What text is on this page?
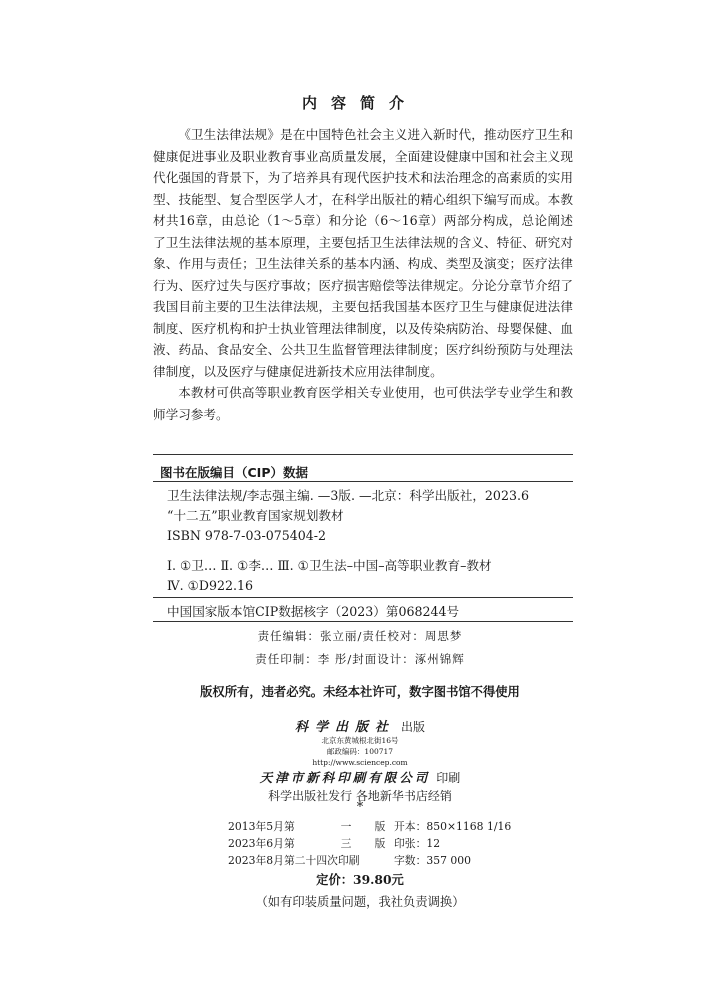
内容简介

《卫生法律法规》是在中国特色社会主义进入新时代，推动医疗卫生和健康促进事业及职业教育事业高质量发展，全面建设健康中国和社会主义现代化强国的背景下，为了培养具有现代医护技术和法治理念的高素质的实用型、技能型、复合型医学人才，在科学出版社的精心组织下编写而成。本教材共16章，由总论（1～5章）和分论（6～16章）两部分构成，总论阐述了卫生法律法规的基本原理，主要包括卫生法律法规的含义、特征、研究对象、作用与责任；卫生法律关系的基本内涵、构成、类型及演变；医疗法律行为、医疗过失与医疗事故；医疗损害赔偿等法律规定。分论分章节介绍了我国目前主要的卫生法律法规，主要包括我国基本医疗卫生与健康促进法律制度、医疗机构和护士执业管理法律制度，以及传染病防治、母婴保健、血液、药品、食品安全、公共卫生监督管理法律制度；医疗纠纷预防与处理法律制度，以及医疗与健康促进新技术应用法律制度。

本教材可供高等职业教育医学相关专业使用，也可供法学专业学生和教师学习参考。

图书在版编目（CIP）数据
卫生法律法规/李志强主编. —3版. —北京：科学出版社，2023.6
“十二五”职业教育国家规划教材
ISBN 978-7-03-075404-2
Ⅰ. ①卫… Ⅱ. ①李… Ⅲ. ①卫生法–中国–高等职业教育–教材
Ⅳ. ①D922.16
中国国家版本馆CIP数据核字（2023）第068244号
责任编辑：张立丽/责任校对：周思梦
责任印制：李 彤/封面设计：涿州锦辉
版权所有，违者必究。未经本社许可，数字图书馆不得使用
科学出版社 出版
北京东黄城根北街16号
邮政编码：100717
http://www.sciencep.com
天津市新科印刷有限公司 印刷
科学出版社发行 各地新华书店经销
*
2013年5月第	一	版 开本：850×1168 1/16
2023年6月第	三	版 印张：12
2023年8月第二十四次印刷	字数：357 000
定价：39.80元
（如有印装质量问题，我社负责调换）
